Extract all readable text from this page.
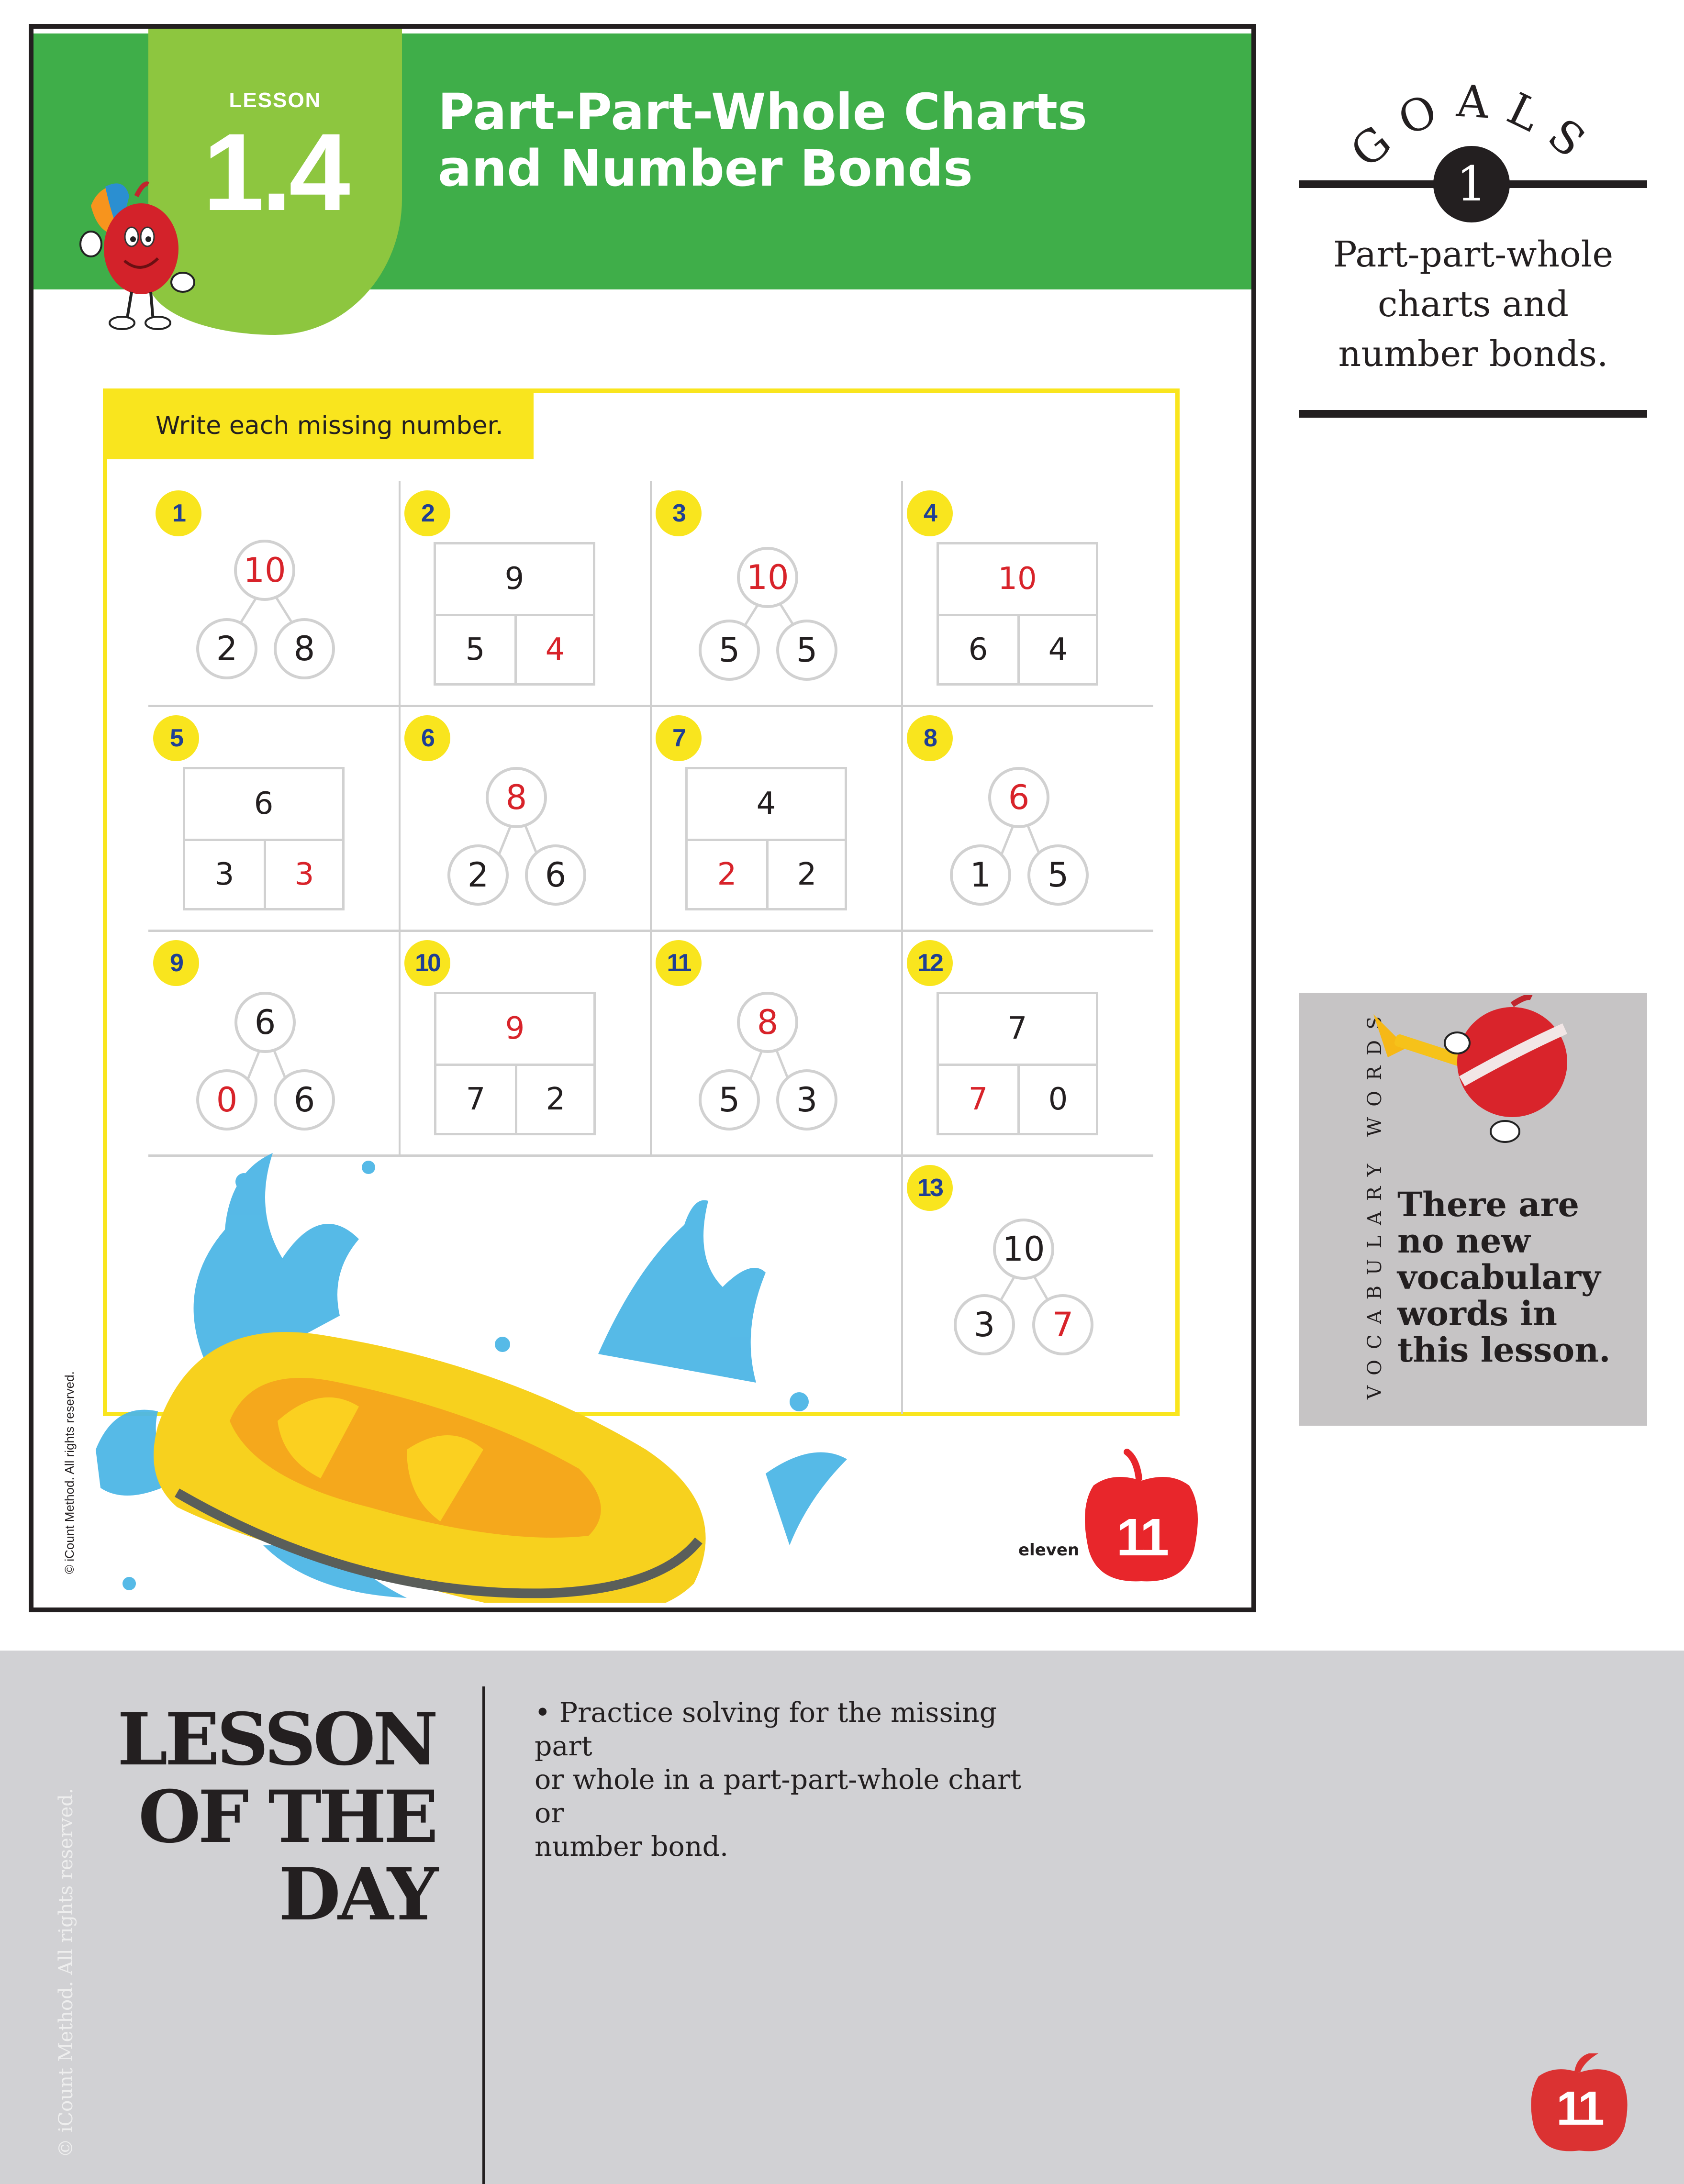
LESSON
1.4	Part-Part-Whole Charts
and Number Bonds
Write each missing number.
1
10
2	8
2
9
5	4
3
10
5	5
4
10
6	4
5
6
3	3
6
8
2	6
7
4
2	2
8
6
1	5
9
6
0	6
10
9
7	2
11
8
5	3
12
7
7	0
13
10
3	7
© iCount Method. All rights reserved.	eleven 11
GOALS
1
Part-part-whole
charts and
number bonds.
VOCABULARY WORDS There are
no new
vocabulary
words in
this lesson.
LESSON
OF THE
DAY
• Practice solving for the missing part
or whole in a part-part-whole chart or
number bond.
© iCount Method. All rights reserved.	11
